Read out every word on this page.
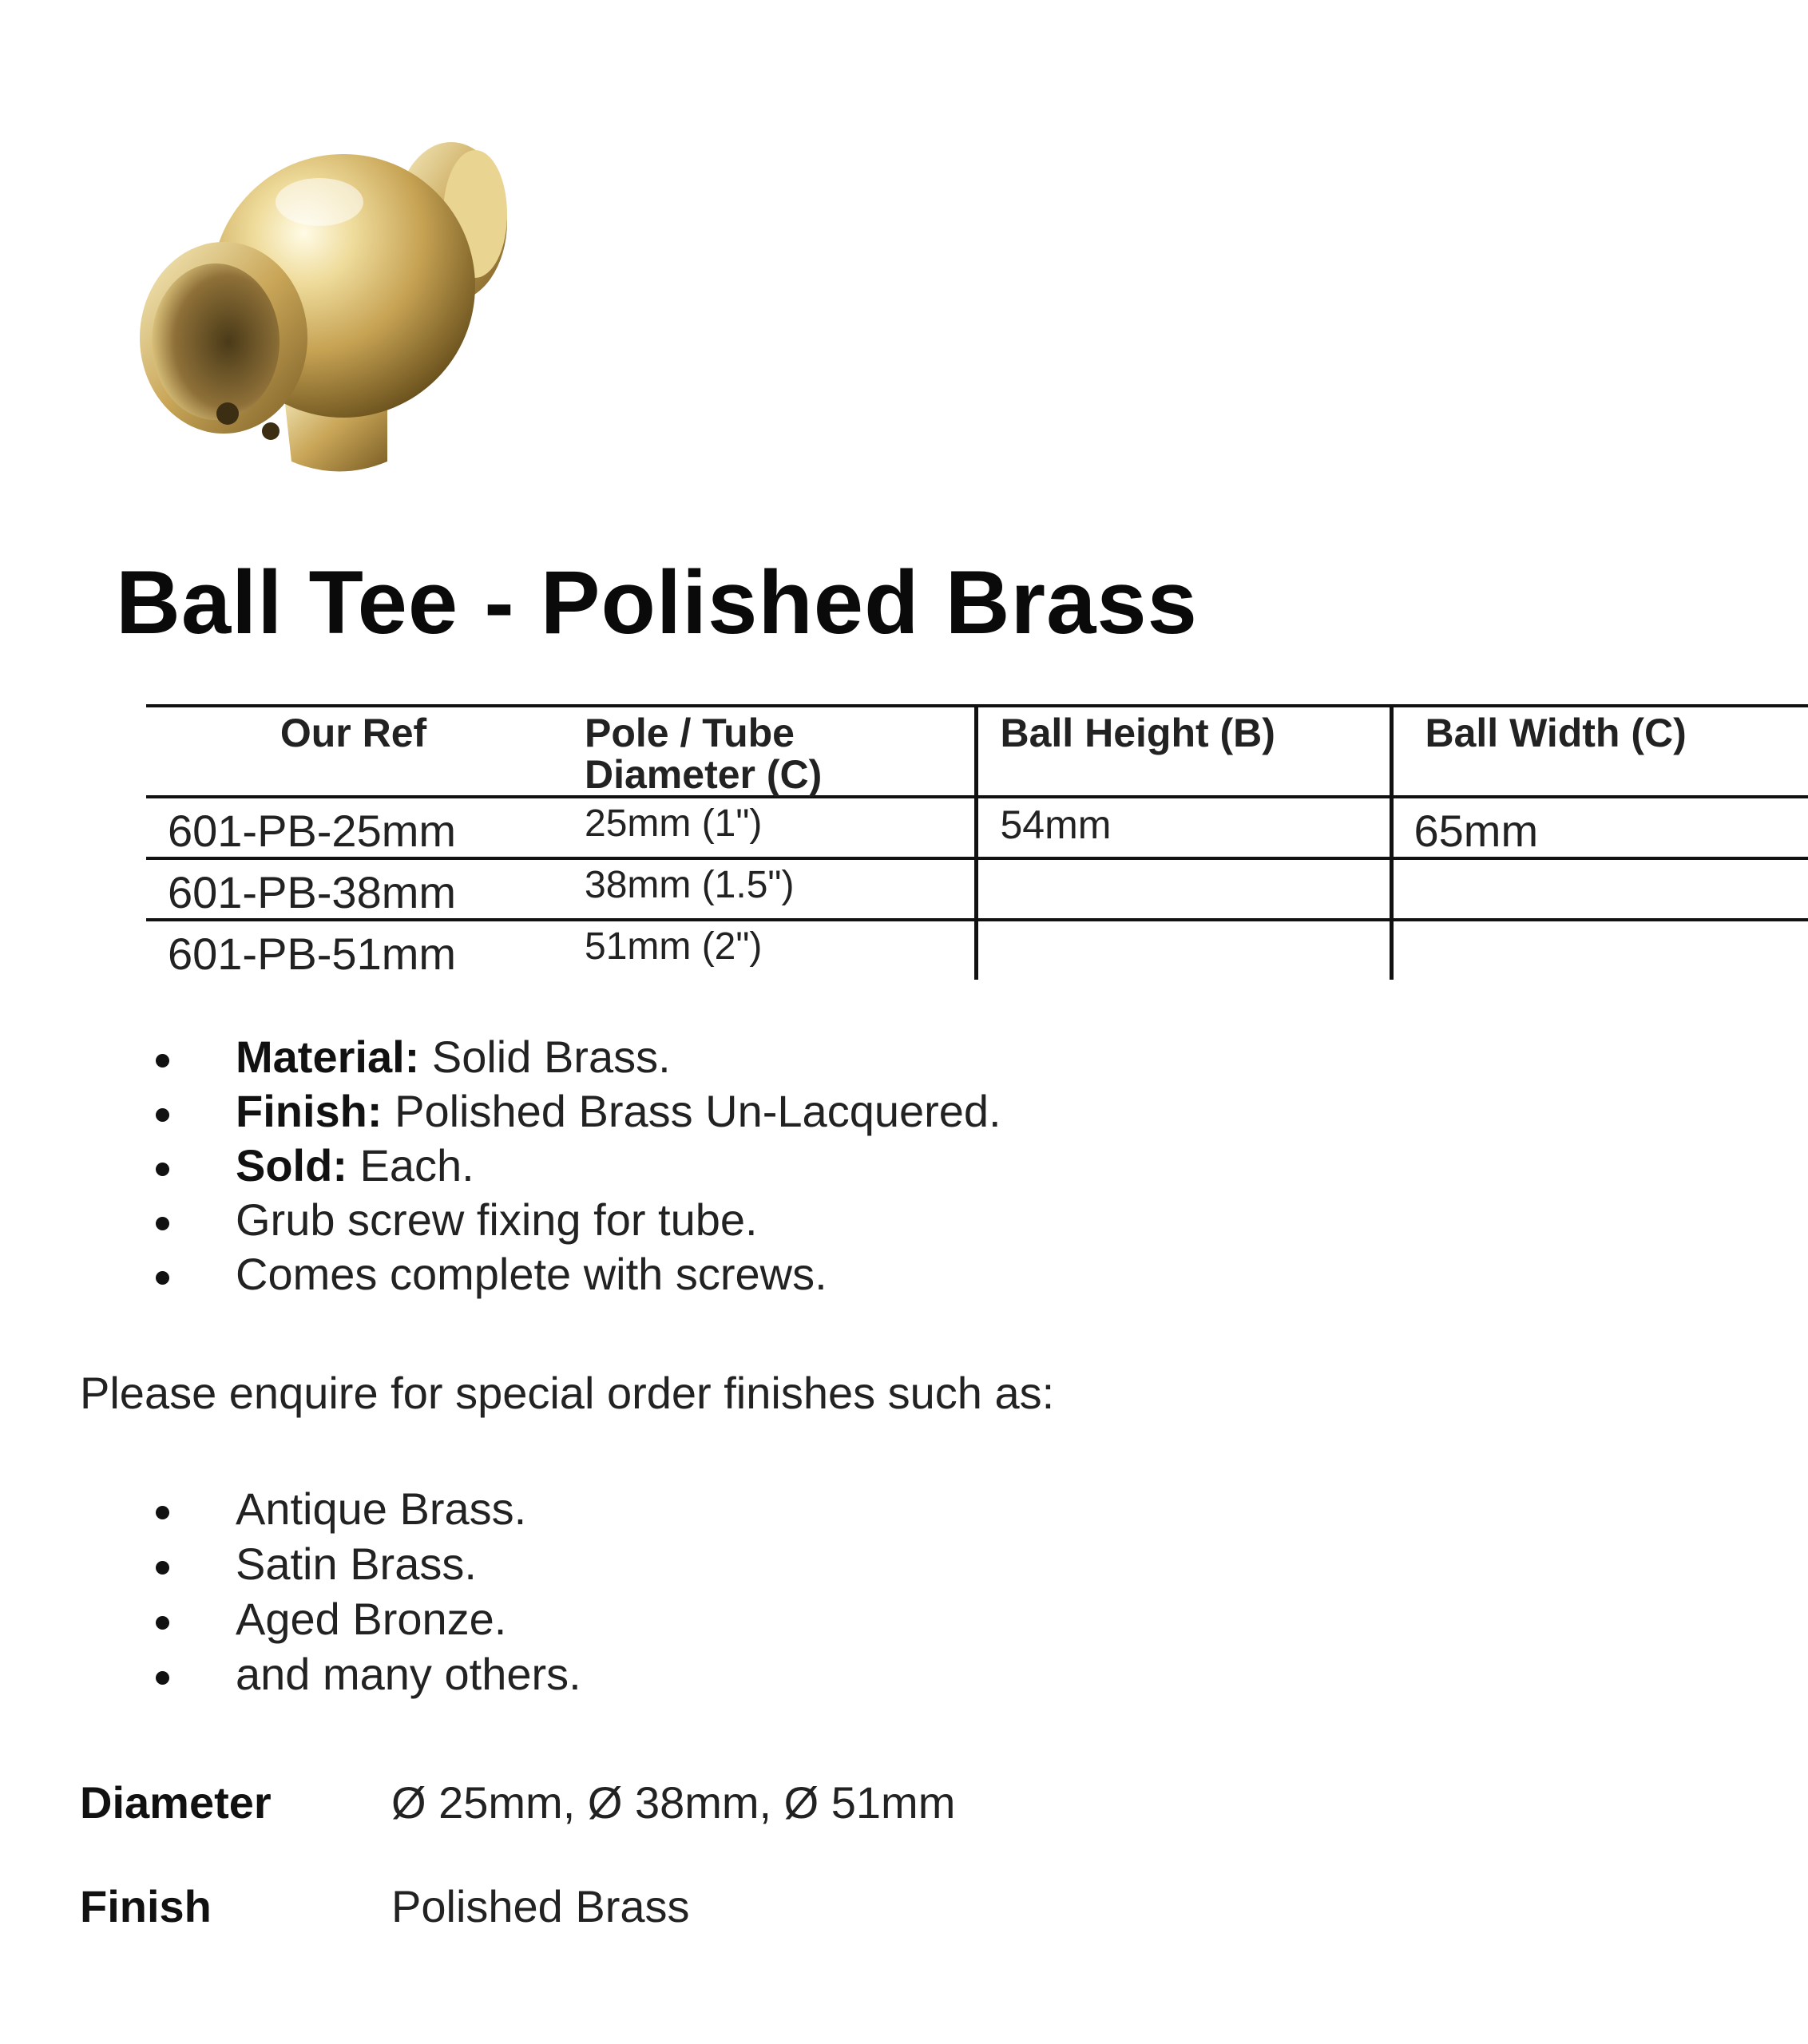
Ball Tee - Polished Brass
Our Ref	Pole / Tube Diameter (C)	Ball Height (B)	Ball Width (C)
601-PB-25mm	25mm (1")	54mm	65mm
601-PB-38mm	38mm (1.5")		
601-PB-51mm	51mm (2")		
Material: Solid Brass.
Finish: Polished Brass Un-Lacquered.
Sold: Each.
Grub screw fixing for tube.
Comes complete with screws.

Please enquire for special order finishes such as:

Antique Brass.
Satin Brass.
Aged Bronze.
and many others.
Diameter	Ø 25mm, Ø 38mm, Ø 51mm
Finish	Polished Brass
